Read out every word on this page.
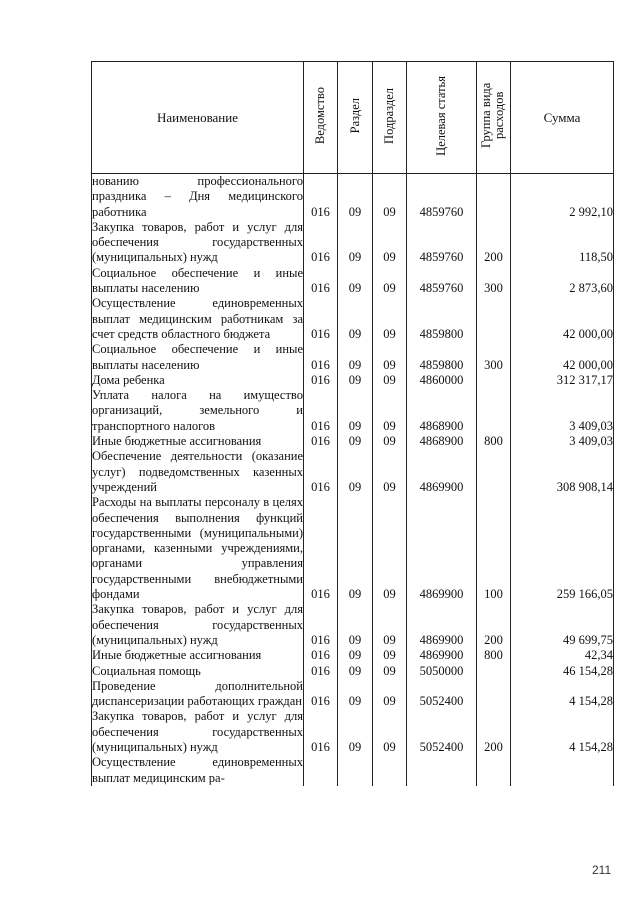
Наименование	Ведомство	Раздел	Подраздел	Целевая статья	Группа вида расходов	Сумма
нованию профессионального праздника – Дня медицинского работника	016	09	09	4859760		2 992,10
Закупка товаров, работ и услуг для обеспечения государственных (муниципальных) нужд	016	09	09	4859760	200	118,50
Социальное обеспечение и иные выплаты населению	016	09	09	4859760	300	2 873,60
Осуществление единовременных выплат медицинским работникам за счет средств областного бюджета	016	09	09	4859800		42 000,00
Социальное обеспечение и иные выплаты населению	016	09	09	4859800	300	42 000,00
Дома ребенка	016	09	09	4860000		312 317,17
Уплата налога на имущество организаций, земельного и транспортного налогов	016	09	09	4868900		3 409,03
Иные бюджетные ассигнования	016	09	09	4868900	800	3 409,03
Обеспечение деятельности (оказание услуг) подведомственных казенных учреждений	016	09	09	4869900		308 908,14
Расходы на выплаты персоналу в целях обеспечения выполнения функций государственными (муниципальными) органами, казенными учреждениями, органами управления государственными внебюджетными фондами	016	09	09	4869900	100	259 166,05
Закупка товаров, работ и услуг для обеспечения государственных (муниципальных) нужд	016	09	09	4869900	200	49 699,75
Иные бюджетные ассигнования	016	09	09	4869900	800	42,34
Социальная помощь	016	09	09	5050000		46 154,28
Проведение дополнительной диспансеризации работающих граждан	016	09	09	5052400		4 154,28
Закупка товаров, работ и услуг для обеспечения государственных (муниципальных) нужд	016	09	09	5052400	200	4 154,28
Осуществление единовременных выплат медицинским ра-						
211
